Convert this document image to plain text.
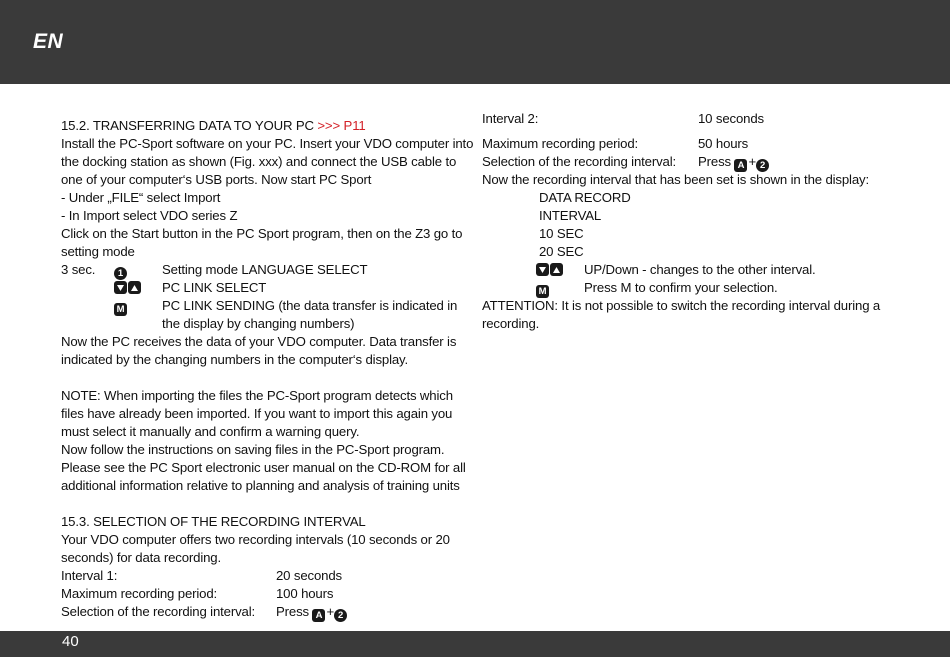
EN
15.2. TRANSFERRING DATA TO YOUR PC >>> P11
Install the PC-Sport software on your PC. Insert your VDO computer into
the docking station as shown (Fig. xxx) and connect the USB cable to
one of your computer‘s USB ports. Now start PC Sport
- Under „FILE“ select Import
- In Import select VDO series Z
Click on the Start button in the PC Sport program, then on the Z3 go to
setting mode
3 sec.	1	Setting mode LANGUAGE SELECT
PC LINK SELECT
M	PC LINK SENDING (the data transfer is indicated in
the display by changing numbers)
Now the PC receives the data of your VDO computer. Data transfer is
indicated by the changing numbers in the computer‘s display.
NOTE: When importing the files the PC-Sport program detects which
files have already been imported. If you want to import this again you
must select it manually and confirm a warning query.
Now follow the instructions on saving files in the PC-Sport program.
Please see the PC Sport electronic user manual on the CD-ROM for all
additional information relative to planning and analysis of training units
15.3. SELECTION OF THE RECORDING INTERVAL
Your VDO computer offers two recording intervals (10 seconds or 20
seconds) for data recording.
Interval 1:	20 seconds
Maximum recording period:	100 hours
Selection of the recording interval: Press A + 2
Interval 2:	10 seconds
Maximum recording period:	50 hours
Selection of the recording interval: Press A + 2
Now the recording interval that has been set is shown in the display:
DATA RECORD
INTERVAL
10 SEC
20 SEC
UP/Down - changes to the other interval.
M	Press M to confirm your selection.
ATTENTION: It is not possible to switch the recording interval during a
recording.
40
